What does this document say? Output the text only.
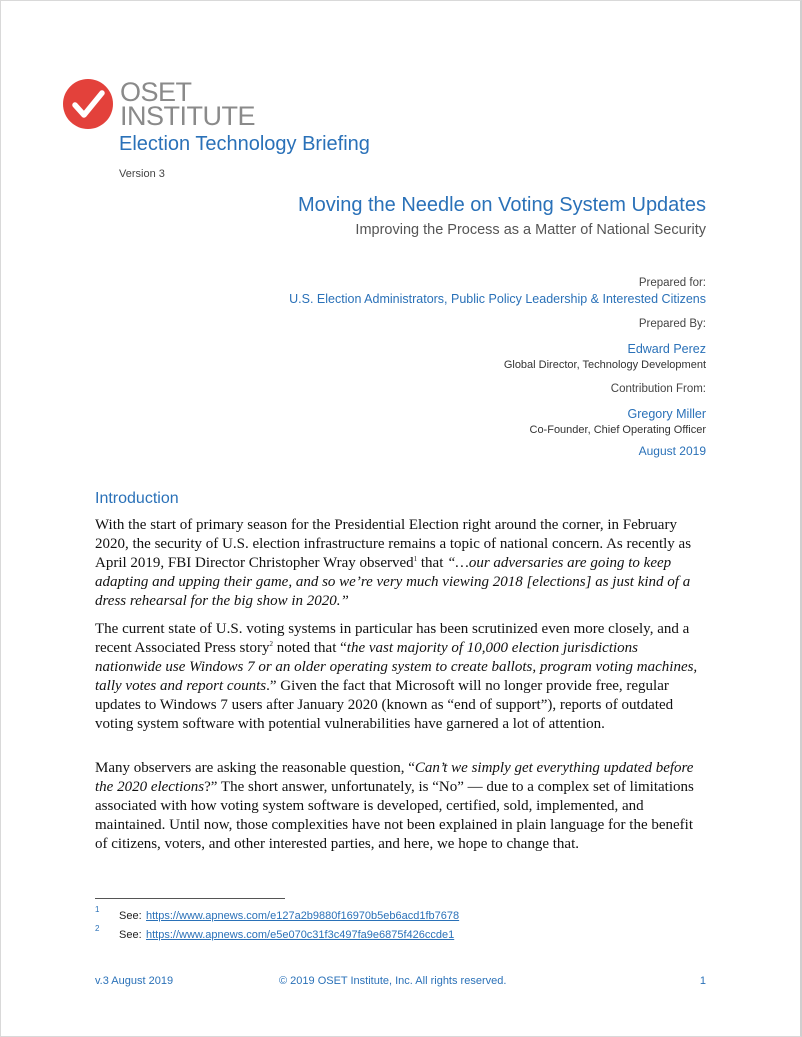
OSET
INSTITUTE
Election Technology Briefing
Version 3
Moving the Needle on Voting System Updates
Improving the Process as a Matter of National Security
Prepared for:
U.S. Election Administrators, Public Policy Leadership & Interested Citizens
Prepared By:
Edward Perez
Global Director, Technology Development
Contribution From:
Gregory Miller
Co-Founder, Chief Operating Officer
August 2019
Introduction

With the start of primary season for the Presidential Election right around the corner, in February 2020, the security of U.S. election infrastructure remains a topic of national concern. As recently as April 2019, FBI Director Christopher Wray observed$^1$ that “…our adversaries are going to keep adapting and upping their game, and so we’re very much viewing 2018 [elections] as just kind of a dress rehearsal for the big show in 2020.”

The current state of U.S. voting systems in particular has been scrutinized even more closely, and a recent Associated Press story$^2$ noted that “the vast majority of 10,000 election jurisdictions nationwide use Windows 7 or an older operating system to create ballots, program voting machines, tally votes and report counts.” Given the fact that Microsoft will no longer provide free, regular updates to Windows 7 users after January 2020 (known as “end of support”), reports of outdated voting system software with potential vulnerabilities have garnered a lot of attention.

Many observers are asking the reasonable question, “Can’t we simply get everything updated before the 2020 elections?” The short answer, unfortunately, is “No” — due to a complex set of limitations associated with how voting system software is developed, certified, sold, implemented, and maintained. Until now, those complexities have not been explained in plain language for the benefit of citizens, voters, and other interested parties, and here, we hope to change that.

1
See: https://www.apnews.com/e127a2b9880f16970b5eb6acd1fb7678
2
See: https://www.apnews.com/e5e070c31f3c497fa9e6875f426ccde1
v.3 August 2019	© 2019 OSET Institute, Inc. All rights reserved.	1
